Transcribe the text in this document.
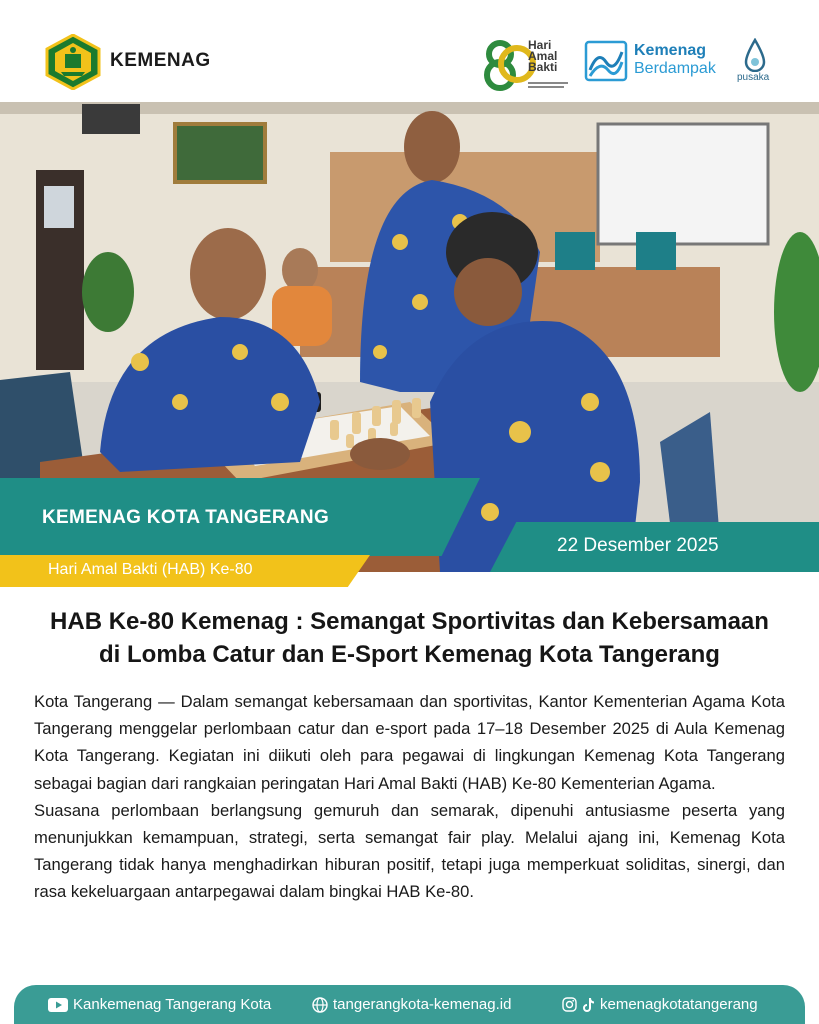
KEMENAG
Hari
Amal
Bakti
Kemenag
Berdampak
pusaka
KEMENAG KOTA TANGERANG
Hari Amal Bakti (HAB) Ke-80
22 Desember 2025
HAB Ke-80 Kemenag : Semangat Sportivitas dan Kebersamaan
di Lomba Catur dan E-Sport Kemenag Kota Tangerang

Kota Tangerang — Dalam semangat kebersamaan dan sportivitas, Kantor Kementerian Agama Kota Tangerang menggelar perlombaan catur dan e-sport pada 17–18 Desember 2025 di Aula Kemenag Kota Tangerang. Kegiatan ini diikuti oleh para pegawai di lingkungan Kemenag Kota Tangerang sebagai bagian dari rangkaian peringatan Hari Amal Bakti (HAB) Ke-80 Kementerian Agama.

Suasana perlombaan berlangsung gemuruh dan semarak, dipenuhi antusiasme peserta yang menunjukkan kemampuan, strategi, serta semangat fair play. Melalui ajang ini, Kemenag Kota Tangerang tidak hanya menghadirkan hiburan positif, tetapi juga memperkuat soliditas, sinergi, dan rasa kekeluargaan antarpegawai dalam bingkai HAB Ke-80.

Kankemenag Tangerang Kota	tangerangkota-kemenag.id	kemenagkotatangerang
